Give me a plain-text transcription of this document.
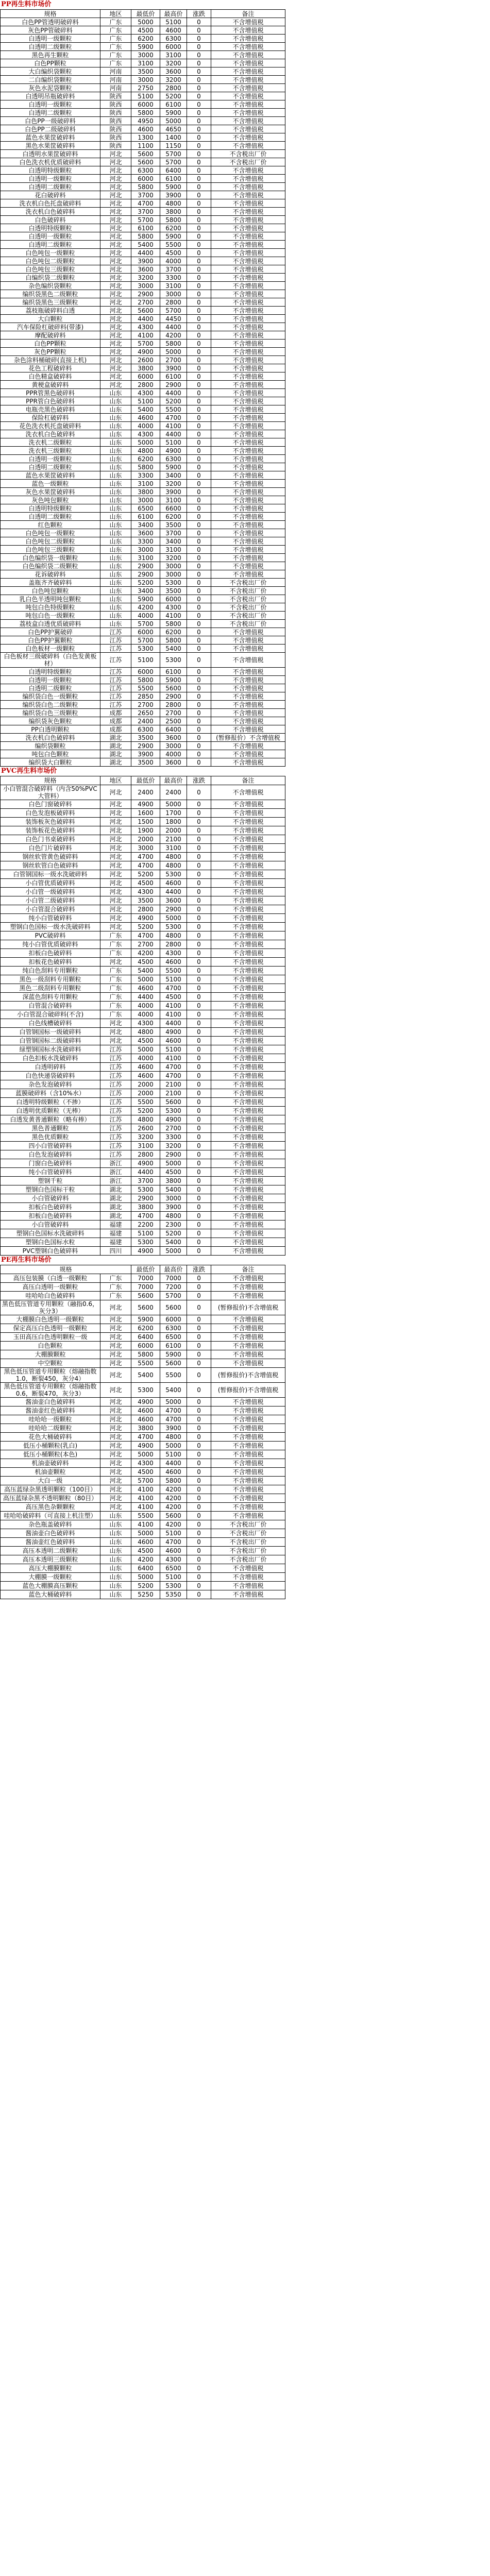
PP再生料市场价
规格	地区	最低价	最高价	涨跌	备注
白色PP管透明破碎料	广东	5000	5100	0	不含增值税
灰色PP管破碎料	广东	4500	4600	0	不含增值税
白透明一级颗粒	广东	6200	6300	0	不含增值税
白透明二级颗粒	广东	5900	6000	0	不含增值税
黑色再生颗粒	广东	3000	3100	0	不含增值税
白色PP颗粒	广东	3100	3200	0	不含增值税
大白编织袋颗粒	河南	3500	3600	0	不含增值税
二白编织袋颗粒	河南	3000	3200	0	不含增值税
灰色水泥袋颗粒	河南	2750	2800	0	不含增值税
白透明吊瓶破碎料	陕西	5100	5200	0	不含增值税
白透明一级颗粒	陕西	6000	6100	0	不含增值税
白透明二级颗粒	陕西	5800	5900	0	不含增值税
白色PP一级破碎料	陕西	4950	5000	0	不含增值税
白色PP二级破碎料	陕西	4600	4650	0	不含增值税
蓝色水果筐破碎料	陕西	1300	1400	0	不含增值税
黑色水果筐破碎料	陕西	1100	1150	0	不含增值税
白透明水果筐破碎料	河北	5600	5700	0	不含税出厂价
白色洗衣机优质破碎料	河北	5600	5700	0	不含税出厂价
白透明特级颗粒	河北	6300	6400	0	不含增值税
白透明一级颗粒	河北	6000	6100	0	不含增值税
白透明二级颗粒	河北	5800	5900	0	不含增值税
花白破碎料	河北	3700	3900	0	不含增值税
洗衣机白色托盘破碎料	河北	4700	4800	0	不含增值税
洗衣机白色破碎料	河北	3700	3800	0	不含增值税
白色破碎料	河北	5700	5800	0	不含增值税
白透明特级颗粒	河北	6100	6200	0	不含增值税
白透明一级颗粒	河北	5800	5900	0	不含增值税
白透明二级颗粒	河北	5400	5500	0	不含增值税
白色吨包一级颗粒	河北	4400	4500	0	不含增值税
白色吨包二级颗粒	河北	3900	4000	0	不含增值税
白色吨包三级颗粒	河北	3600	3700	0	不含增值税
白编织袋二级颗粒	河北	3200	3300	0	不含增值税
杂色编织袋颗粒	河北	3000	3100	0	不含增值税
编织袋黑色二级颗粒	河北	2900	3000	0	不含增值税
编织袋黑色三级颗粒	河北	2700	2800	0	不含增值税
荔枝瓶破碎料白透	河北	5600	5700	0	不含增值税
大白颗粒	河北	4400	4450	0	不含增值税
汽车保险杠破碎料(带漆)	河北	4300	4400	0	不含增值税
摩配破碎料	河北	4100	4200	0	不含增值税
白色PP颗粒	河北	5700	5800	0	不含增值税
灰色PP颗粒	河北	4900	5000	0	不含增值税
杂色涂料桶破碎(直接上机)	河北	2600	2700	0	不含增值税
花色工程破碎料	河北	3800	3900	0	不含增值税
白色精盒破碎料	河北	6000	6100	0	不含增值税
黄梗盒破碎料	河北	2800	2900	0	不含增值税
PPR管黑色破碎料	山东	4300	4400	0	不含增值税
PPR管白色破碎料	山东	5100	5200	0	不含增值税
电瓶壳黑色破碎料	山东	5400	5500	0	不含增值税
保险杠破碎料	山东	4600	4700	0	不含增值税
花色洗衣机托盘破碎料	山东	4000	4100	0	不含增值税
洗衣机白色破碎料	山东	4300	4400	0	不含增值税
洗衣机二级颗粒	山东	5000	5100	0	不含增值税
洗衣机三级颗粒	山东	4800	4900	0	不含增值税
白透明一级颗粒	山东	6200	6300	0	不含增值税
白透明二级颗粒	山东	5800	5900	0	不含增值税
蓝色水果筐破碎料	山东	3300	3400	0	不含增值税
蓝色一级颗粒	山东	3100	3200	0	不含增值税
灰色水果筐破碎料	山东	3800	3900	0	不含增值税
灰色吨包颗粒	山东	3000	3100	0	不含增值税
白透明特级颗粒	山东	6500	6600	0	不含增值税
白透明二级颗粒	山东	6100	6200	0	不含增值税
红色颗粒	山东	3400	3500	0	不含增值税
白色吨包一级颗粒	山东	3600	3700	0	不含增值税
白色吨包二级颗粒	山东	3300	3400	0	不含增值税
白色吨包三级颗粒	山东	3000	3100	0	不含增值税
白色编织袋一级颗粒	山东	3100	3200	0	不含增值税
白色编织袋二级颗粒	山东	2900	3000	0	不含增值税
花诉破碎料	山东	2900	3000	0	不含增值税
盖瓶齐齐破碎料	山东	5200	5300	0	不含税出厂价
白色吨包颗粒	山东	3400	3500	0	不含税出厂价
乳白色半透明吨包颗粒	山东	5900	6000	0	不含税出厂价
吨包白色特级颗粒	山东	4200	4300	0	不含税出厂价
吨包白色一级颗粒	山东	4000	4100	0	不含税出厂价
荔枝盒白透优质破碎料	山东	5700	5800	0	不含税出厂价
白色PP护翼破碎	江苏	6000	6200	0	不含增值税
白色PP护翼颗粒	江苏	5700	5800	0	不含增值税
白色板材一级颗粒	江苏	5300	5400	0	不含增值税
白色板材三级破碎料（白色发黄板材）	江苏	5100	5300	0	不含增值税
白透明特级颗粒	江苏	6000	6100	0	不含增值税
白透明一级颗粒	江苏	5800	5900	0	不含增值税
白透明二级颗粒	江苏	5500	5600	0	不含增值税
编织袋白色一级颗粒	江苏	2850	2900	0	不含增值税
编织袋白色二级颗粒	江苏	2700	2800	0	不含增值税
编织袋白色三级颗粒	成都	2650	2700	0	不含增值税
编织袋灰色颗粒	成都	2400	2500	0	不含增值税
PP白透明颗粒	成都	6300	6400	0	不含增值税
洗衣机白色破碎料	湖北	3500	3600	0	(暂修报价）不含增值税
编织袋颗粒	湖北	2900	3000	0	不含增值税
吨包白色颗粒	湖北	3900	4000	0	不含增值税
编织袋大白颗粒	湖北	3500	3600	0	不含增值税
PVC再生料市场价
规格	地区	最低价	最高价	涨跌	备注
小白管混合破碎料（内含50%PVC大管料）	河北	2400	2400	0	不含增值税
白色门窗破碎料	河北	4900	5000	0	不含增值税
白色发泡板破碎料	河北	1600	1700	0	不含增值税
装饰板灰色破碎料	河北	1500	1800	0	不含增值税
装饰板花色破碎料	河北	1900	2000	0	不含增值税
白色门书桌破碎料	河北	2000	2100	0	不含增值税
白色门片破碎料	河北	3000	3100	0	不含增值税
钢丝软管黄色破碎料	河北	4700	4800	0	不含增值税
钢丝软管白色破碎料	河北	4700	4800	0	不含增值税
白管钢国标一级水洗破碎料	河北	5200	5300	0	不含增值税
小白管优质破碎料	河北	4500	4600	0	不含增值税
小白管一级破碎料	河北	4300	4400	0	不含增值税
小白管二级破碎料	河北	3500	3600	0	不含增值税
小白管混合破碎料	河北	2800	2900	0	不含增值税
纯小白管破碎料	河北	4900	5000	0	不含增值税
塑钢白色国标一级水洗破碎料	河北	5200	5300	0	不含增值税
PVC破碎料	广东	4700	4800	0	不含增值税
纯小白管优质破碎料	广东	2700	2800	0	不含增值税
扣板白色破碎料	广东	4200	4300	0	不含增值税
扣板花色破碎料	河北	4500	4600	0	不含增值税
纯白色刮料专用颗粒	广东	5400	5500	0	不含增值税
黑色一级刮料专用颗粒	广东	5000	5100	0	不含增值税
黑色二级刮料专用颗粒	广东	4600	4700	0	不含增值税
深蓝色刮料专用颗粒	广东	4400	4500	0	不含增值税
白管混合破碎料	广东	4000	4100	0	不含增值税
小白管混合破碎料(不含)	广东	4000	4100	0	不含增值税
白色线槽破碎料	河北	4300	4400	0	不含增值税
白管钢国标一级破碎料	河北	4800	4900	0	不含增值税
白管钢国标二级破碎料	河北	4500	4600	0	不含增值税
绿塑钢国标水洗破碎料	江苏	5000	5100	0	不含增值税
白色扣板水洗破碎料	江苏	4000	4100	0	不含增值税
白透明碎料	江苏	4600	4700	0	不含增值税
白色快递袋破碎料	江苏	4600	4700	0	不含增值税
杂色发泡破碎料	江苏	2000	2100	0	不含增值税
蓝膜破碎料（含10%水）	江苏	2000	2100	0	不含增值税
白透明特级颗粒（不掺）	江苏	5500	5600	0	不含增值税
白透明优质颗粒（无棒）	江苏	5200	5300	0	不含增值税
白透发黄普通颗粒（略有棒）	江苏	4800	4900	0	不含增值税
黑色普通颗粒	江苏	2600	2700	0	不含增值税
黑色优质颗粒	江苏	3200	3300	0	不含增值税
四小白管破碎料	江苏	3100	3200	0	不含增值税
白色发泡破碎料	江苏	2800	2900	0	不含增值税
门窗白色破碎料	浙江	4900	5000	0	不含增值税
纯小白管破碎料	浙江	4400	4500	0	不含增值税
塑钢千粒	浙江	3700	3800	0	不含增值税
塑钢白色国标干粒	湖北	5300	5400	0	不含增值税
小白管破碎料	湖北	2900	3000	0	不含增值税
扣板白色破碎料	湖北	3800	3900	0	不含增值税
扣板白色破碎料	湖北	4700	4800	0	不含增值税
小白管破碎料	福建	2200	2300	0	不含增值税
塑钢白色国标水洗破碎料	福建	5100	5200	0	不含增值税
塑钢白色国标水粒	福建	5300	5400	0	不含增值税
PVC塑钢白色破碎料	四川	4900	5000	0	不含增值税
PE再生料市场价
规格		最低价	最高价	涨跌	备注
高压包装膜（白透一级颗粒	广东	7000	7000	0	不含增值税
高压白透明一级颗粒	广东	7000	7200	0	不含增值税
哇哈哈白色破碎料	广东	5600	5700	0	不含增值税
黑色低压管道专用颗粒（融指0.6，灰分3）	河北	5600	5600	0	(暂修报价)不含增值税
大棚膜白色透明一级颗粒	河北	5900	6000	0	不含增值税
保定高压白色透明一级颗粒	河北	6200	6300	0	不含增值税
玉田高压白色透明颗粒一级	河北	6400	6500	0	不含增值税
白色颗粒	河北	6000	6100	0	不含增值税
大棚膜颗粒	河北	5800	5900	0	不含增值税
中空颗粒	河北	5500	5600	0	不含增值税
黑色低压管道专用颗粒（熔融指数1.0，断裂450，灰分4）	河北	5400	5500	0	(暂修报价)不含增值税
黑色低压管道专用颗粒（熔融指数0.6，断裂470，灰分3）	河北	5300	5400	0	(暂修报价)不含增值税
酱油壶白色破碎料	河北	4900	5000	0	不含增值税
酱油壶红色破碎料	河北	4600	4700	0	不含增值税
哇哈哈一级颗粒	河北	4600	4700	0	不含增值税
哇哈哈二级颗粒	河北	3800	3900	0	不含增值税
花色大桶破碎料	河北	4700	4800	0	不含增值税
低压小桶颗粒(乳白)	河北	4900	5000	0	不含增值税
低压小桶颗粒(本色)	河北	5000	5100	0	不含增值税
机油壶破碎料	河北	4300	4400	0	不含增值税
机油壶颗粒	河北	4500	4600	0	不含增值税
大白一级	河北	5700	5800	0	不含增值税
高压蓝绿杂黑透明颗粒（100目）	河北	4100	4200	0	不含增值税
高压蓝绿杂黑不透明颗粒（80目）	河北	4100	4200	0	不含增值税
高压黑色杂颗颗粒	河北	4100	4200	0	不含增值税
哇哈哈破碎料（可直接上机注塑）	山东	5500	5600	0	不含增值税
杂色瓶盖破碎料	山东	4100	4200	0	不含税出厂价
酱油壶白色破碎料	山东	5000	5100	0	不含税出厂价
酱油壶红色破碎料	山东	4600	4700	0	不含税出厂价
高压本透明二级颗粒	山东	4500	4600	0	不含税出厂价
高压本透明三级颗粒	山东	4200	4300	0	不含税出厂价
高压大棚膜颗粒	山东	6400	6500	0	不含增值税
大棚膜一级颗粒	山东	5000	5100	0	不含增值税
蓝色大棚膜高压颗粒	山东	5200	5300	0	不含增值税
蓝色大桶破碎料	山东	5250	5350	0	不含增值税
